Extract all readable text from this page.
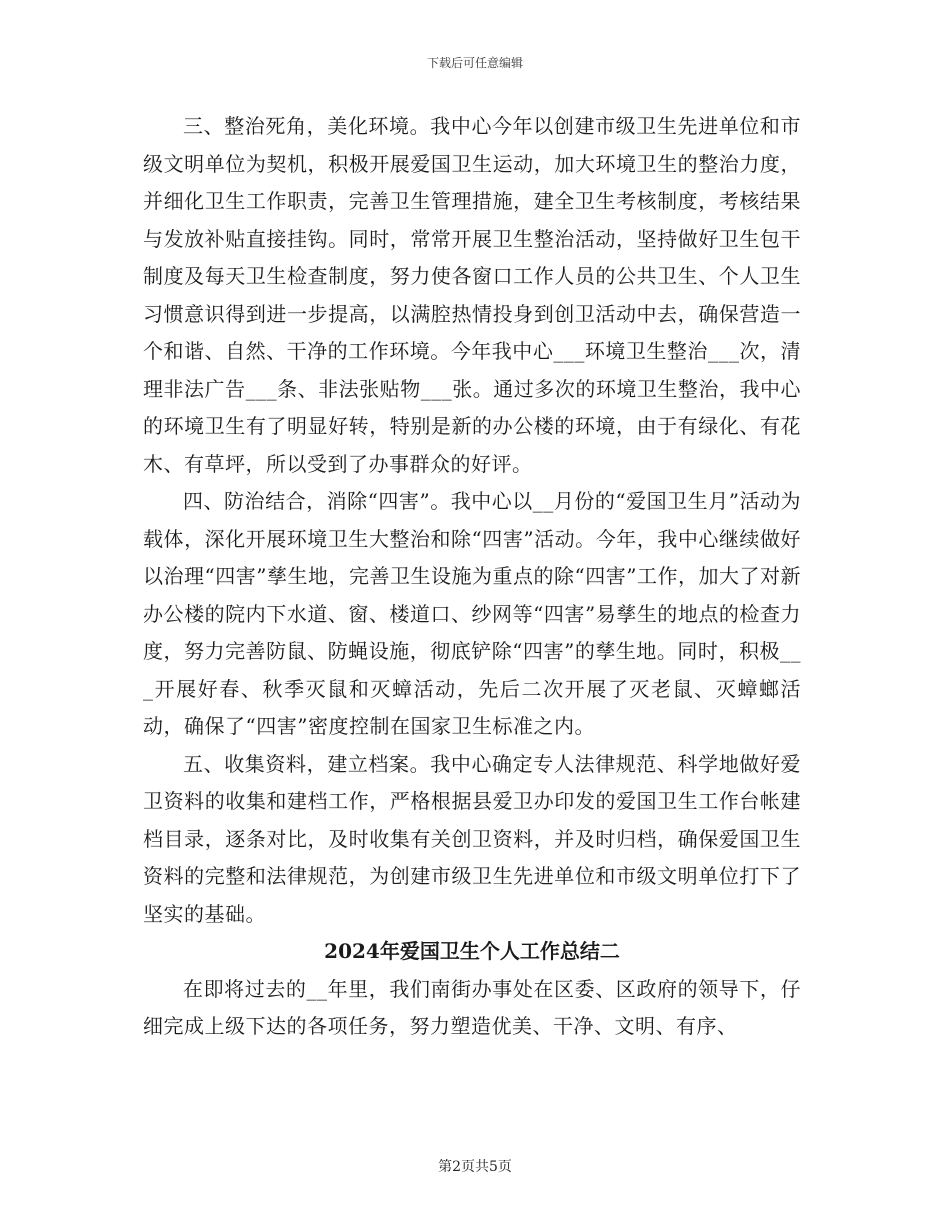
下载后可任意编辑

三、整治死角，美化环境。我中心今年以创建市级卫生先进单位和市级文明单位为契机，积极开展爱国卫生运动，加大环境卫生的整治力度，并细化卫生工作职责，完善卫生管理措施，建全卫生考核制度，考核结果与发放补贴直接挂钩。同时，常常开展卫生整治活动，坚持做好卫生包干制度及每天卫生检查制度，努力使各窗口工作人员的公共卫生、个人卫生习惯意识得到进一步提高，以满腔热情投身到创卫活动中去，确保营造一个和谐、自然、干净的工作环境。今年我中心___环境卫生整治___次，清理非法广告___条、非法张贴物___张。通过多次的环境卫生整治，我中心的环境卫生有了明显好转，特别是新的办公楼的环境，由于有绿化、有花木、有草坪，所以受到了办事群众的好评。

四、防治结合，消除“四害”。我中心以__月份的“爱国卫生月”活动为载体，深化开展环境卫生大整治和除“四害”活动。今年，我中心继续做好以治理“四害”孳生地，完善卫生设施为重点的除“四害”工作，加大了对新办公楼的院内下水道、窗、楼道口、纱网等“四害”易孳生的地点的检查力度，努力完善防鼠、防蝇设施，彻底铲除“四害”的孳生地。同时，积极___开展好春、秋季灭鼠和灭蟑活动，先后二次开展了灭老鼠、灭蟑螂活动，确保了“四害”密度控制在国家卫生标准之内。

五、收集资料，建立档案。我中心确定专人法律规范、科学地做好爱卫资料的收集和建档工作，严格根据县爱卫办印发的爱国卫生工作台帐建档目录，逐条对比，及时收集有关创卫资料，并及时归档，确保爱国卫生资料的完整和法律规范，为创建市级卫生先进单位和市级文明单位打下了坚实的基础。

2024年爱国卫生个人工作总结二

在即将过去的__年里，我们南街办事处在区委、区政府的领导下，仔细完成上级下达的各项任务，努力塑造优美、干净、文明、有序、

第2页共5页
